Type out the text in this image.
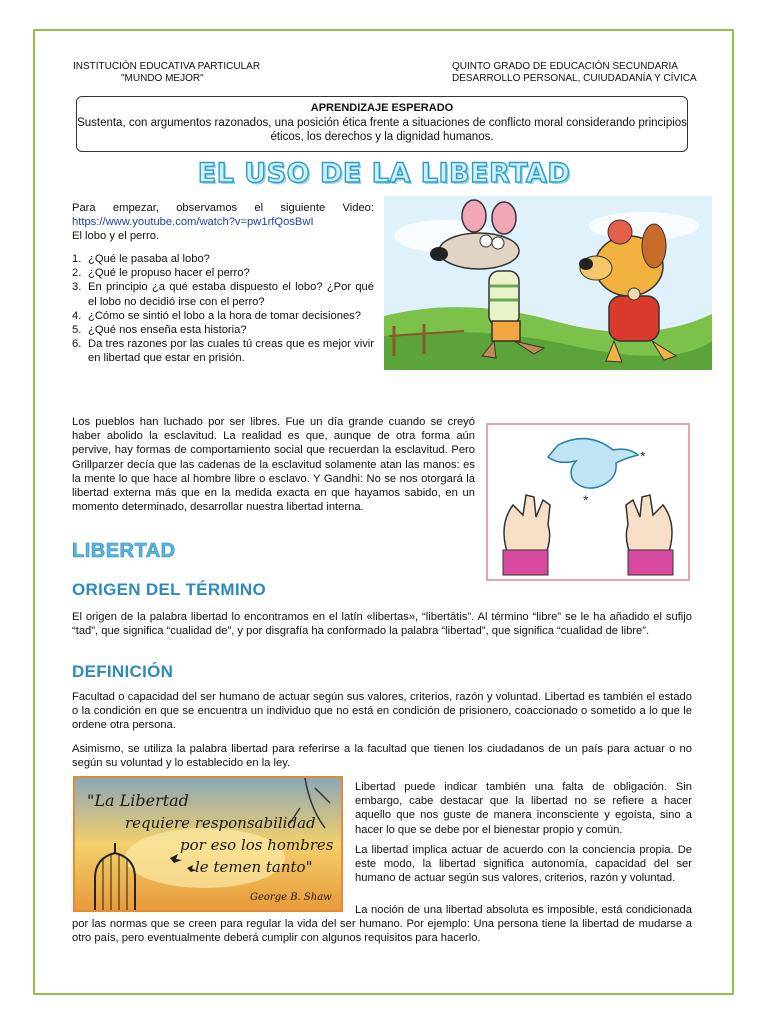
INSTITUCIÓN EDUCATIVA PARTICULAR
"MUNDO MEJOR"
QUINTO GRADO DE EDUCACIÓN SECUNDARIA
DESARROLLO PERSONAL, CUIUDADANÍA Y CÍVICA
APRENDIZAJE ESPERADO
Sustenta, con argumentos razonados, una posición ética frente a situaciones de conflicto moral considerando principios éticos, los derechos y la dignidad humanos.
EL USO DE LA LIBERTAD
Para empezar, observamos el siguiente Video: https://www.youtube.com/watch?v=pw1rfQosBwI
El lobo y el perro.
1. ¿Qué le pasaba al lobo?
2. ¿Qué le propuso hacer el perro?
3. En principio ¿a qué estaba dispuesto el lobo? ¿Por qué el lobo no decidió irse con el perro?
4. ¿Cómo se sintió el lobo a la hora de tomar decisiones?
5. ¿Qué nos enseña esta historia?
6. Da tres razones por las cuales tú creas que es mejor vivir en libertad que estar en prisión.
Los pueblos han luchado por ser libres. Fue un día grande cuando se creyó haber abolido la esclavitud. La realidad es que, aunque de otra forma aún pervive, hay formas de comportamiento social que recuerdan la esclavitud. Pero Grillparzer decía que las cadenas de la esclavitud solamente atan las manos: es la mente lo que hace al hombre libre o esclavo. Y Gandhi: No se nos otorgará la libertad externa más que en la medida exacta en que hayamos sabido, en un momento determinado, desarrollar nuestra libertad interna.
*
*
LIBERTAD
ORIGEN DEL TÉRMINO
El origen de la palabra libertad lo encontramos en el latín «libertas», “libertātis”. Al término “libre” se le ha añadido el sufijo “tad”, que significa “cualidad de”, y por disgrafía ha conformado la palabra “libertad”, que significa “cualidad de libre”.
DEFINICIÓN
Facultad o capacidad del ser humano de actuar según sus valores, criterios, razón y voluntad. Libertad es también el estado o la condición en que se encuentra un individuo que no está en condición de prisionero, coaccionado o sometido a lo que le ordene otra persona.
Asimismo, se utiliza la palabra libertad para referirse a la facultad que tienen los ciudadanos de un país para actuar o no según su voluntad y lo establecido en la ley.
"La Libertad
requiere responsabilidad
por eso los hombres
le temen tanto"
George B. Shaw
Libertad puede indicar también una falta de obligación. Sin embargo, cabe destacar que la libertad no se refiere a hacer aquello que nos guste de manera inconsciente y egoísta, sino a hacer lo que se debe por el bienestar propio y común.
La libertad implica actuar de acuerdo con la conciencia propia. De este modo, la libertad significa autonomía, capacidad del ser humano de actuar según sus valores, criterios, razón y voluntad.
La noción de una libertad absoluta es imposible, está condicionada por las normas que se creen para regular la vida del ser humano. Por ejemplo: Una persona tiene la libertad de mudarse a otro país, pero eventualmente deberá cumplir con algunos requisitos para hacerlo.
